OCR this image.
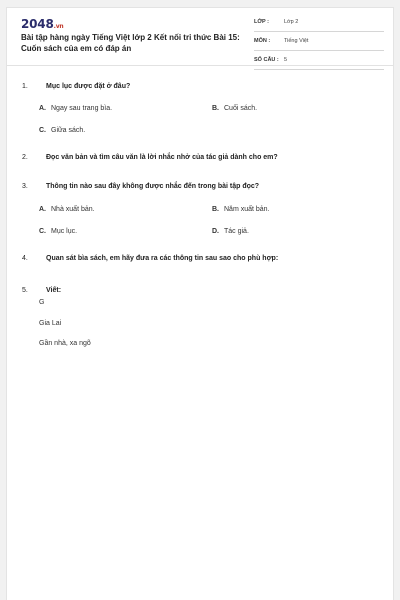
2048.vn
Bài tập hàng ngày Tiếng Việt lớp 2 Kết nối tri thức Bài 15: Cuốn sách của em có đáp án
LỚP :	Lớp 2
MÔN :	Tiếng Việt
SỐ CÂU : 5
1.	Mục lục được đặt ở đâu?
A. Ngay sau trang bìa.	B. Cuối sách.
C. Giữa sách.
2.	Đọc văn bản và tìm câu văn là lời nhắc nhở của tác giả dành cho em?
3.	Thông tin nào sau đây không được nhắc đến trong bài tập đọc?
A. Nhà xuất bản.	B. Năm xuất bản.
C. Mục lục.	D. Tác giả.
4.	Quan sát bìa sách, em hãy đưa ra các thông tin sau sao cho phù hợp:
5.	Viết:
G
Gia Lai
Gần nhà, xa ngõ
